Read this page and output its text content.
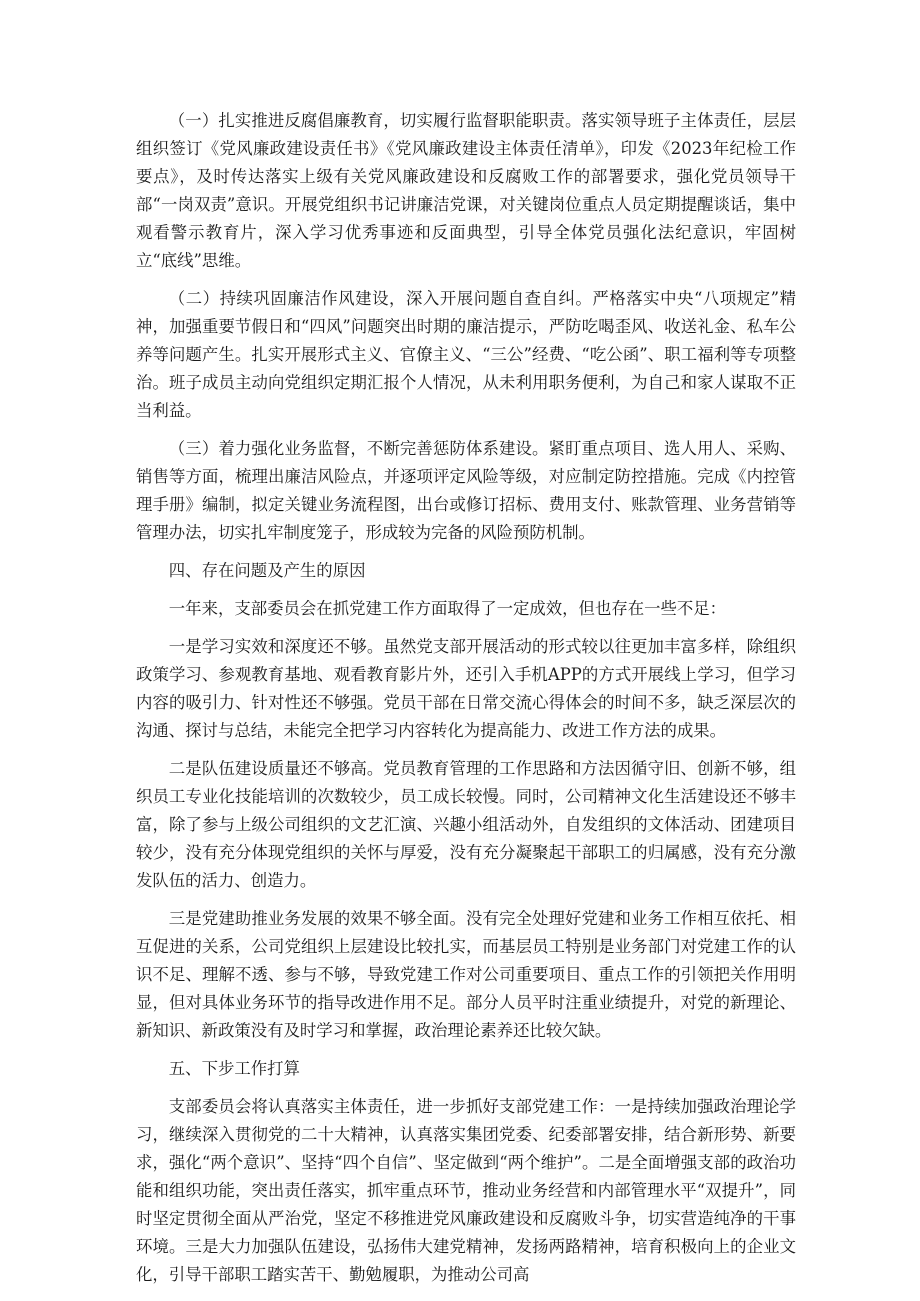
（一）扎实推进反腐倡廉教育，切实履行监督职能职责。落实领导班子主体责任，层层组织签订《党风廉政建设责任书》《党风廉政建设主体责任清单》，印发《2023年纪检工作要点》，及时传达落实上级有关党风廉政建设和反腐败工作的部署要求，强化党员领导干部“一岗双责”意识。开展党组织书记讲廉洁党课，对关键岗位重点人员定期提醒谈话，集中观看警示教育片，深入学习优秀事迹和反面典型，引导全体党员强化法纪意识，牢固树立“底线”思维。

（二）持续巩固廉洁作风建设，深入开展问题自查自纠。严格落实中央“八项规定”精神，加强重要节假日和“四风”问题突出时期的廉洁提示，严防吃喝歪风、收送礼金、私车公养等问题产生。扎实开展形式主义、官僚主义、“三公”经费、“吃公函”、职工福利等专项整治。班子成员主动向党组织定期汇报个人情况，从未利用职务便利，为自己和家人谋取不正当利益。

（三）着力强化业务监督，不断完善惩防体系建设。紧盯重点项目、选人用人、采购、销售等方面，梳理出廉洁风险点，并逐项评定风险等级，对应制定防控措施。完成《内控管理手册》编制，拟定关键业务流程图，出台或修订招标、费用支付、账款管理、业务营销等管理办法，切实扎牢制度笼子，形成较为完备的风险预防机制。

四、存在问题及产生的原因

一年来，支部委员会在抓党建工作方面取得了一定成效，但也存在一些不足：

一是学习实效和深度还不够。虽然党支部开展活动的形式较以往更加丰富多样，除组织政策学习、参观教育基地、观看教育影片外，还引入手机APP的方式开展线上学习，但学习内容的吸引力、针对性还不够强。党员干部在日常交流心得体会的时间不多，缺乏深层次的沟通、探讨与总结，未能完全把学习内容转化为提高能力、改进工作方法的成果。

二是队伍建设质量还不够高。党员教育管理的工作思路和方法因循守旧、创新不够，组织员工专业化技能培训的次数较少，员工成长较慢。同时，公司精神文化生活建设还不够丰富，除了参与上级公司组织的文艺汇演、兴趣小组活动外，自发组织的文体活动、团建项目较少，没有充分体现党组织的关怀与厚爱，没有充分凝聚起干部职工的归属感，没有充分激发队伍的活力、创造力。

三是党建助推业务发展的效果不够全面。没有完全处理好党建和业务工作相互依托、相互促进的关系，公司党组织上层建设比较扎实，而基层员工特别是业务部门对党建工作的认识不足、理解不透、参与不够，导致党建工作对公司重要项目、重点工作的引领把关作用明显，但对具体业务环节的指导改进作用不足。部分人员平时注重业绩提升，对党的新理论、新知识、新政策没有及时学习和掌握，政治理论素养还比较欠缺。

五、下步工作打算

支部委员会将认真落实主体责任，进一步抓好支部党建工作：一是持续加强政治理论学习，继续深入贯彻党的二十大精神，认真落实集团党委、纪委部署安排，结合新形势、新要求，强化“两个意识”、坚持“四个自信”、坚定做到“两个维护”。二是全面增强支部的政治功能和组织功能，突出责任落实，抓牢重点环节，推动业务经营和内部管理水平“双提升”，同时坚定贯彻全面从严治党，坚定不移推进党风廉政建设和反腐败斗争，切实营造纯净的干事环境。三是大力加强队伍建设，弘扬伟大建党精神，发扬两路精神，培育积极向上的企业文化，引导干部职工踏实苦干、勤勉履职，为推动公司高
